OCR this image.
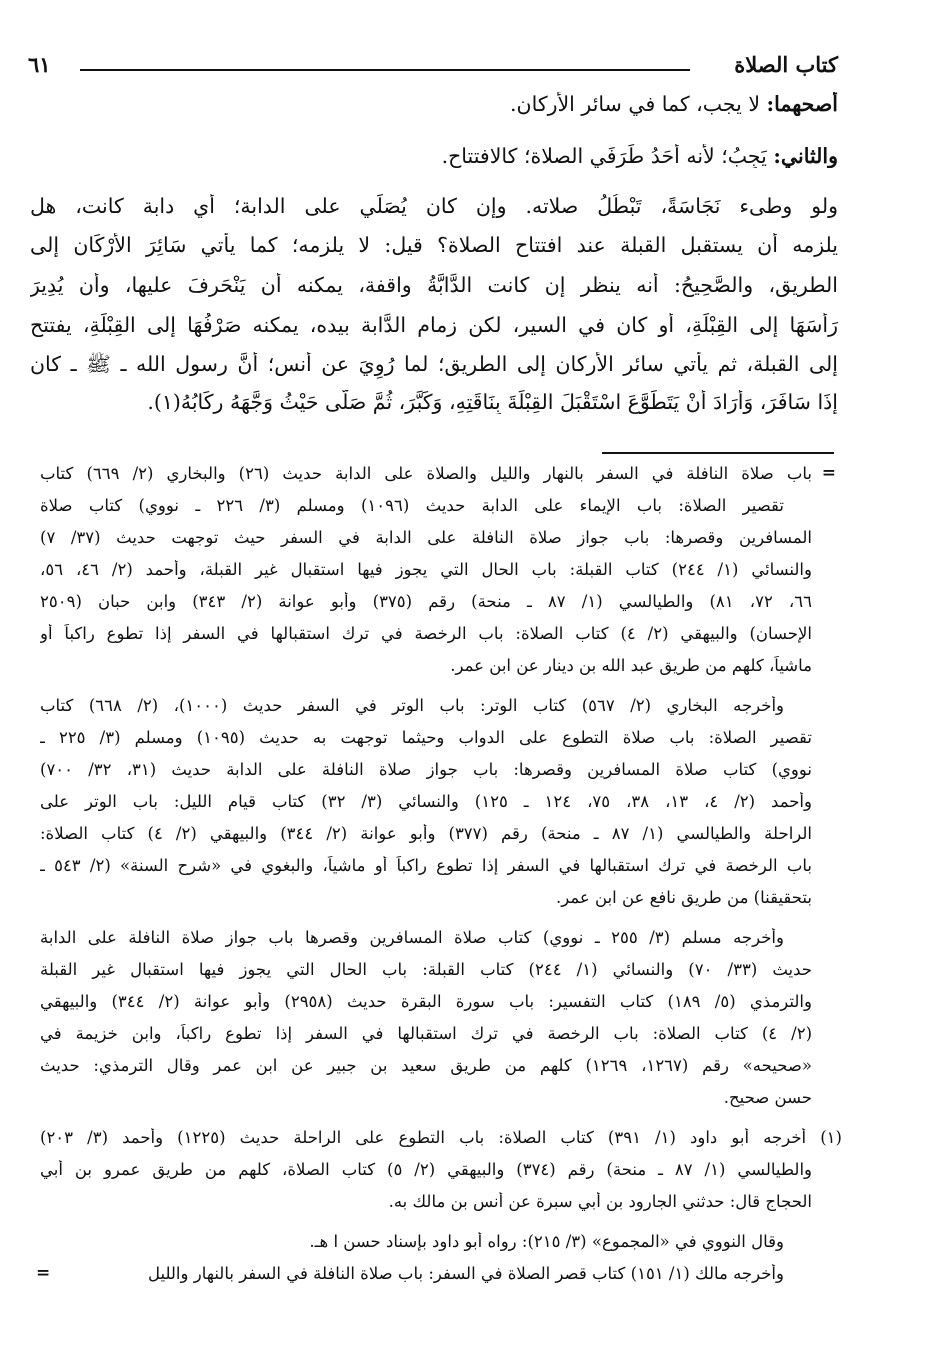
كتاب الصلاة
٦١
أصحهما: لا يجب، كما في سائر الأركان.
والثاني: يَجِبُ؛ لأنه أَحَدُ طَرَفَيِ الصلاة؛ كالافتتاح.
ولو وطىء نَجَاسَةً، تَبْطُلُ صلاته. وإن كان يُصَلِّي على الدابة؛ أي دابة كانت، هل
يلزمه أن يستقبل القبلة عند افتتاح الصلاة؟ قيل: لا يلزمه؛ كما يأتي سَائِرَ الأَرْكَانِ إلى
الطريق، والصَّحِيحُ: أنه ينظر إن كانت الدَّابَّةُ واقفة، يمكنه أن يَنْحَرِفَ عليها، وأن يُدِيرَ
رَأْسَهَا إلى القِبْلَةِ، أو كان في السير، لكن زمام الدَّابة بيده، يمكنه صَرْفُهَا إلى القِبْلَةِ، يفتتح
إلى القبلة، ثم يأتي سائر الأركان إلى الطريق؛ لما رُوِيَ عن أنس؛ أَنَّ رسول الله ـ ﷺ ـ كان
إِذَا سَافَرَ، وَأَرَادَ أَنْ يَتَطَوَّعَ اسْتَقْبَلَ القِبْلَةَ بِنَاقَتِهِ، وَكَبَّرَ، ثُمَّ صَلَّى حَيْثُ وَجَّهَهُ رِكَابُهُ(١).
=
باب صلاة النافلة في السفر بالنهار والليل والصلاة على الدابة حديث (٢٦) والبخاري (٢/ ٦٦٩) كتاب
تقصير الصلاة: باب الإيماء على الدابة حديث (١٠٩٦) ومسلم (٣/ ٢٢٦ ـ نووي) كتاب صلاة
المسافرين وقصرها: باب جواز صلاة النافلة على الدابة في السفر حيث توجهت حديث (٣٧/ ٧)
والنسائي (١/ ٢٤٤) كتاب القبلة: باب الحال التي يجوز فيها استقبال غير القبلة، وأحمد (٢/ ٤٦، ٥٦،
٦٦، ٧٢، ٨١) والطيالسي (١/ ٨٧ ـ منحة) رقم (٣٧٥) وأبو عوانة (٢/ ٣٤٣) وابن حبان (٢٥٠٩
الإحسان) والبيهقي (٢/ ٤) كتاب الصلاة: باب الرخصة في ترك استقبالها في السفر إذا تطوع راكباً أو
ماشياً، كلهم من طريق عبد الله بن دينار عن ابن عمر.
وأخرجه البخاري (٢/ ٥٦٧) كتاب الوتر: باب الوتر في السفر حديث (١٠٠٠)، (٢/ ٦٦٨) كتاب
تقصير الصلاة: باب صلاة التطوع على الدواب وحيثما توجهت به حديث (١٠٩٥) ومسلم (٣/ ٢٢٥ ـ
نووي) كتاب صلاة المسافرين وقصرها: باب جواز صلاة النافلة على الدابة حديث (٣١، ٣٢/ ٧٠٠)
وأحمد (٢/ ٤، ١٣، ٣٨، ٧٥، ١٢٤ ـ ١٢٥) والنسائي (٣/ ٣٢) كتاب قيام الليل: باب الوتر على
الراحلة والطيالسي (١/ ٨٧ ـ منحة) رقم (٣٧٧) وأبو عوانة (٢/ ٣٤٤) والبيهقي (٢/ ٤) كتاب الصلاة:
باب الرخصة في ترك استقبالها في السفر إذا تطوع راكباً أو ماشياً، والبغوي في «شرح السنة» (٢/ ٥٤٣ ـ
بتحقيقنا) من طريق نافع عن ابن عمر.
وأخرجه مسلم (٣/ ٢٥٥ ـ نووي) كتاب صلاة المسافرين وقصرها باب جواز صلاة النافلة على الدابة
حديث (٣٣/ ٧٠) والنسائي (١/ ٢٤٤) كتاب القبلة: باب الحال التي يجوز فيها استقبال غير القبلة
والترمذي (٥/ ١٨٩) كتاب التفسير: باب سورة البقرة حديث (٢٩٥٨) وأبو عوانة (٢/ ٣٤٤) والبيهقي
(٢/ ٤) كتاب الصلاة: باب الرخصة في ترك استقبالها في السفر إذا تطوع راكباً، وابن خزيمة في
«صحيحه» رقم (١٢٦٧، ١٢٦٩) كلهم من طريق سعيد بن جبير عن ابن عمر وقال الترمذي: حديث
حسن صحيح.
(١) أخرجه أبو داود (١/ ٣٩١) كتاب الصلاة: باب التطوع على الراحلة حديث (١٢٢٥) وأحمد (٣/ ٢٠٣)
والطيالسي (١/ ٨٧ ـ منحة) رقم (٣٧٤) والبيهقي (٢/ ٥) كتاب الصلاة، كلهم من طريق عمرو بن أبي
الحجاج قال: حدثني الجارود بن أبي سبرة عن أنس بن مالك به.
وقال النووي في «المجموع» (٣/ ٢١٥): رواه أبو داود بإسناد حسن ا هـ.
وأخرجه مالك (١/ ١٥١) كتاب قصر الصلاة في السفر: باب صلاة النافلة في السفر بالنهار والليل
=
